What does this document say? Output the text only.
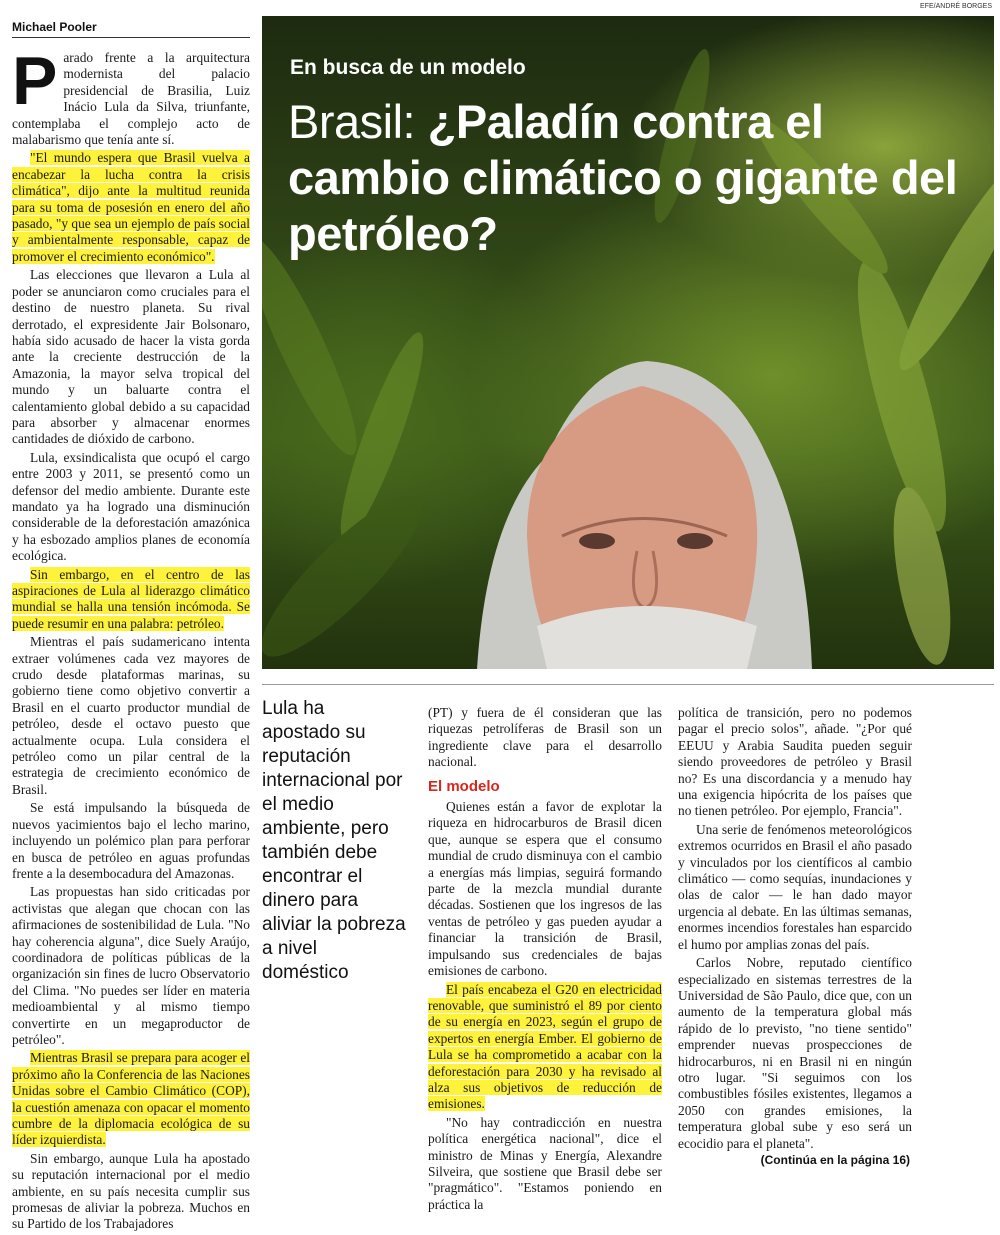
Michael Pooler
EFE/ANDRÉ BORGES
En busca de un modelo
Brasil: ¿Paladín contra el cambio climático o gigante del petróleo?

Parado frente a la arquitectura modernista del palacio presidencial de Brasilia, Luiz Inácio Lula da Silva, triunfante, contemplaba el complejo acto de malabarismo que tenía ante sí.

"El mundo espera que Brasil vuelva a encabezar la lucha contra la crisis climática", dijo ante la multitud reunida para su toma de posesión en enero del año pasado, "y que sea un ejemplo de país social y ambientalmente responsable, capaz de promover el crecimiento económico".

Las elecciones que llevaron a Lula al poder se anunciaron como cruciales para el destino de nuestro planeta. Su rival derrotado, el expresidente Jair Bolsonaro, había sido acusado de hacer la vista gorda ante la creciente destrucción de la Amazonia, la mayor selva tropical del mundo y un baluarte contra el calentamiento global debido a su capacidad para absorber y almacenar enormes cantidades de dióxido de carbono.

Lula, exsindicalista que ocupó el cargo entre 2003 y 2011, se presentó como un defensor del medio ambiente. Durante este mandato ya ha logrado una disminución considerable de la deforestación amazónica y ha esbozado amplios planes de economía ecológica.

Sin embargo, en el centro de las aspiraciones de Lula al liderazgo climático mundial se halla una tensión incómoda. Se puede resumir en una palabra: petróleo.

Mientras el país sudamericano intenta extraer volúmenes cada vez mayores de crudo desde plataformas marinas, su gobierno tiene como objetivo convertir a Brasil en el cuarto productor mundial de petróleo, desde el octavo puesto que actualmente ocupa. Lula considera el petróleo como un pilar central de la estrategia de crecimiento económico de Brasil.

Se está impulsando la búsqueda de nuevos yacimientos bajo el lecho marino, incluyendo un polémico plan para perforar en busca de petróleo en aguas profundas frente a la desembocadura del Amazonas.

Las propuestas han sido criticadas por activistas que alegan que chocan con las afirmaciones de sostenibilidad de Lula. "No hay coherencia alguna", dice Suely Araújo, coordinadora de políticas públicas de la organización sin fines de lucro Observatorio del Clima. "No puedes ser líder en materia medioambiental y al mismo tiempo convertirte en un megaproductor de petróleo".

Mientras Brasil se prepara para acoger el próximo año la Conferencia de las Naciones Unidas sobre el Cambio Climático (COP), la cuestión amenaza con opacar el momento cumbre de la diplomacia ecológica de su líder izquierdista.

Sin embargo, aunque Lula ha apostado su reputación internacional por el medio ambiente, en su país necesita cumplir sus promesas de aliviar la pobreza. Muchos en su Partido de los Trabajadores

Lula ha apostado su reputación internacional por el medio ambiente, pero también debe encontrar el dinero para aliviar la pobreza a nivel doméstico

(PT) y fuera de él consideran que las riquezas petrolíferas de Brasil son un ingrediente clave para el desarrollo nacional.

El modelo

Quienes están a favor de explotar la riqueza en hidrocarburos de Brasil dicen que, aunque se espera que el consumo mundial de crudo disminuya con el cambio a energías más limpias, seguirá formando parte de la mezcla mundial durante décadas. Sostienen que los ingresos de las ventas de petróleo y gas pueden ayudar a financiar la transición de Brasil, impulsando sus credenciales de bajas emisiones de carbono.

El país encabeza el G20 en electricidad renovable, que suministró el 89 por ciento de su energía en 2023, según el grupo de expertos en energía Ember. El gobierno de Lula se ha comprometido a acabar con la deforestación para 2030 y ha revisado al alza sus objetivos de reducción de emisiones.

"No hay contradicción en nuestra política energética nacional", dice el ministro de Minas y Energía, Alexandre Silveira, que sostiene que Brasil debe ser "pragmático". "Estamos poniendo en práctica la

política de transición, pero no podemos pagar el precio solos", añade. "¿Por qué EEUU y Arabia Saudita pueden seguir siendo proveedores de petróleo y Brasil no? Es una discordancia y a menudo hay una exigencia hipócrita de los países que no tienen petróleo. Por ejemplo, Francia".

Una serie de fenómenos meteorológicos extremos ocurridos en Brasil el año pasado y vinculados por los científicos al cambio climático — como sequías, inundaciones y olas de calor — le han dado mayor urgencia al debate. En las últimas semanas, enormes incendios forestales han esparcido el humo por amplias zonas del país.

Carlos Nobre, reputado científico especializado en sistemas terrestres de la Universidad de São Paulo, dice que, con un aumento de la temperatura global más rápido de lo previsto, "no tiene sentido" emprender nuevas prospecciones de hidrocarburos, ni en Brasil ni en ningún otro lugar. "Si seguimos con los combustibles fósiles existentes, llegamos a 2050 con grandes emisiones, la temperatura global sube y eso será un ecocidio para el planeta".

(Continúa en la página 16)
